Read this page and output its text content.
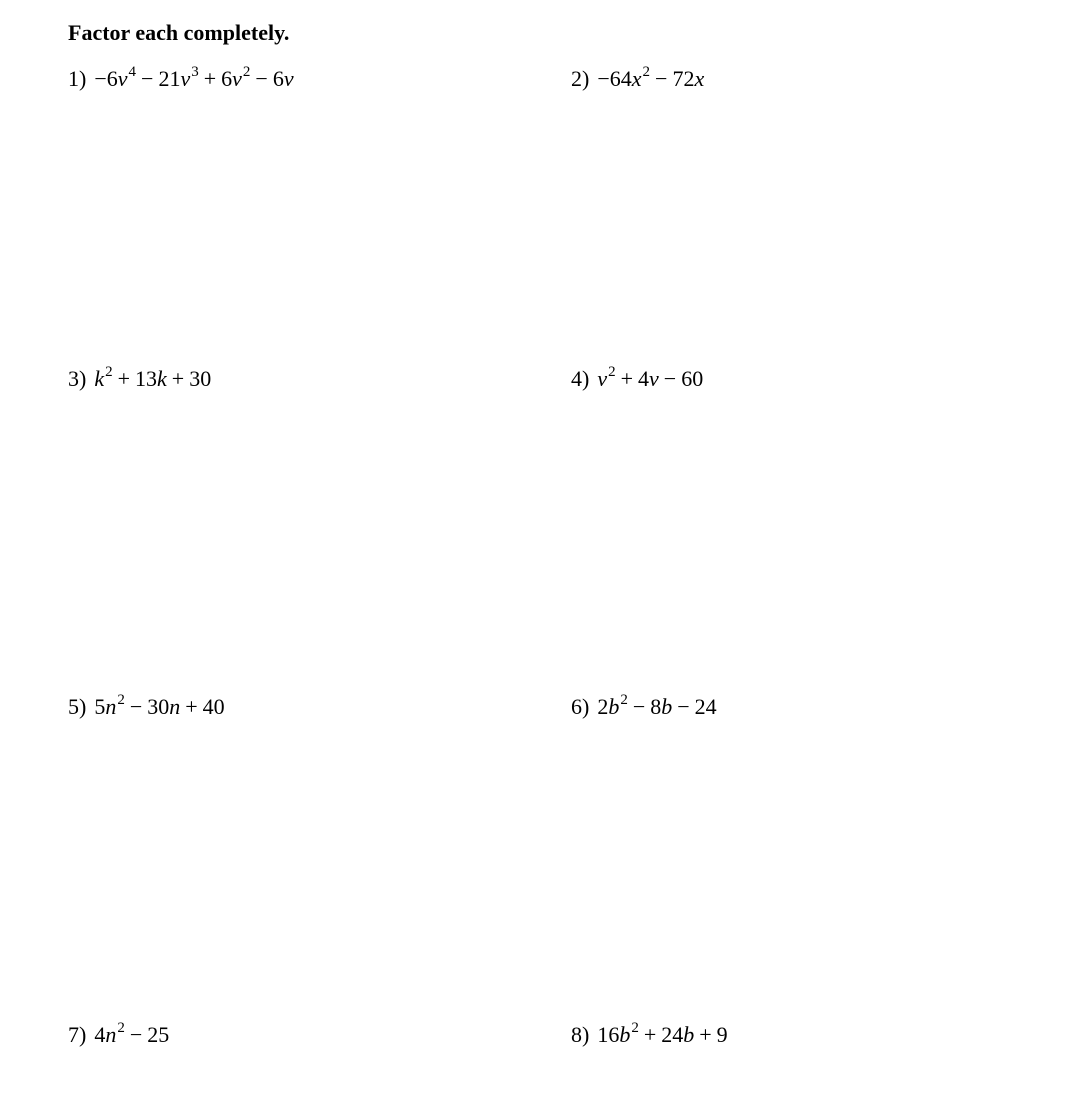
Factor each completely.
$1) -6v^4 - 21v^3 + 6v^2 - 6v$	$2) -64x^2 - 72x$
3) $k^2 + 13k + 30$	4) $v^2 + 4v - 60$
5) $5n^2 - 30n + 40$	6) $2b^2 - 8b - 24$
7) $4n^2 - 25$	8) $16b^2 + 24b + 9$
